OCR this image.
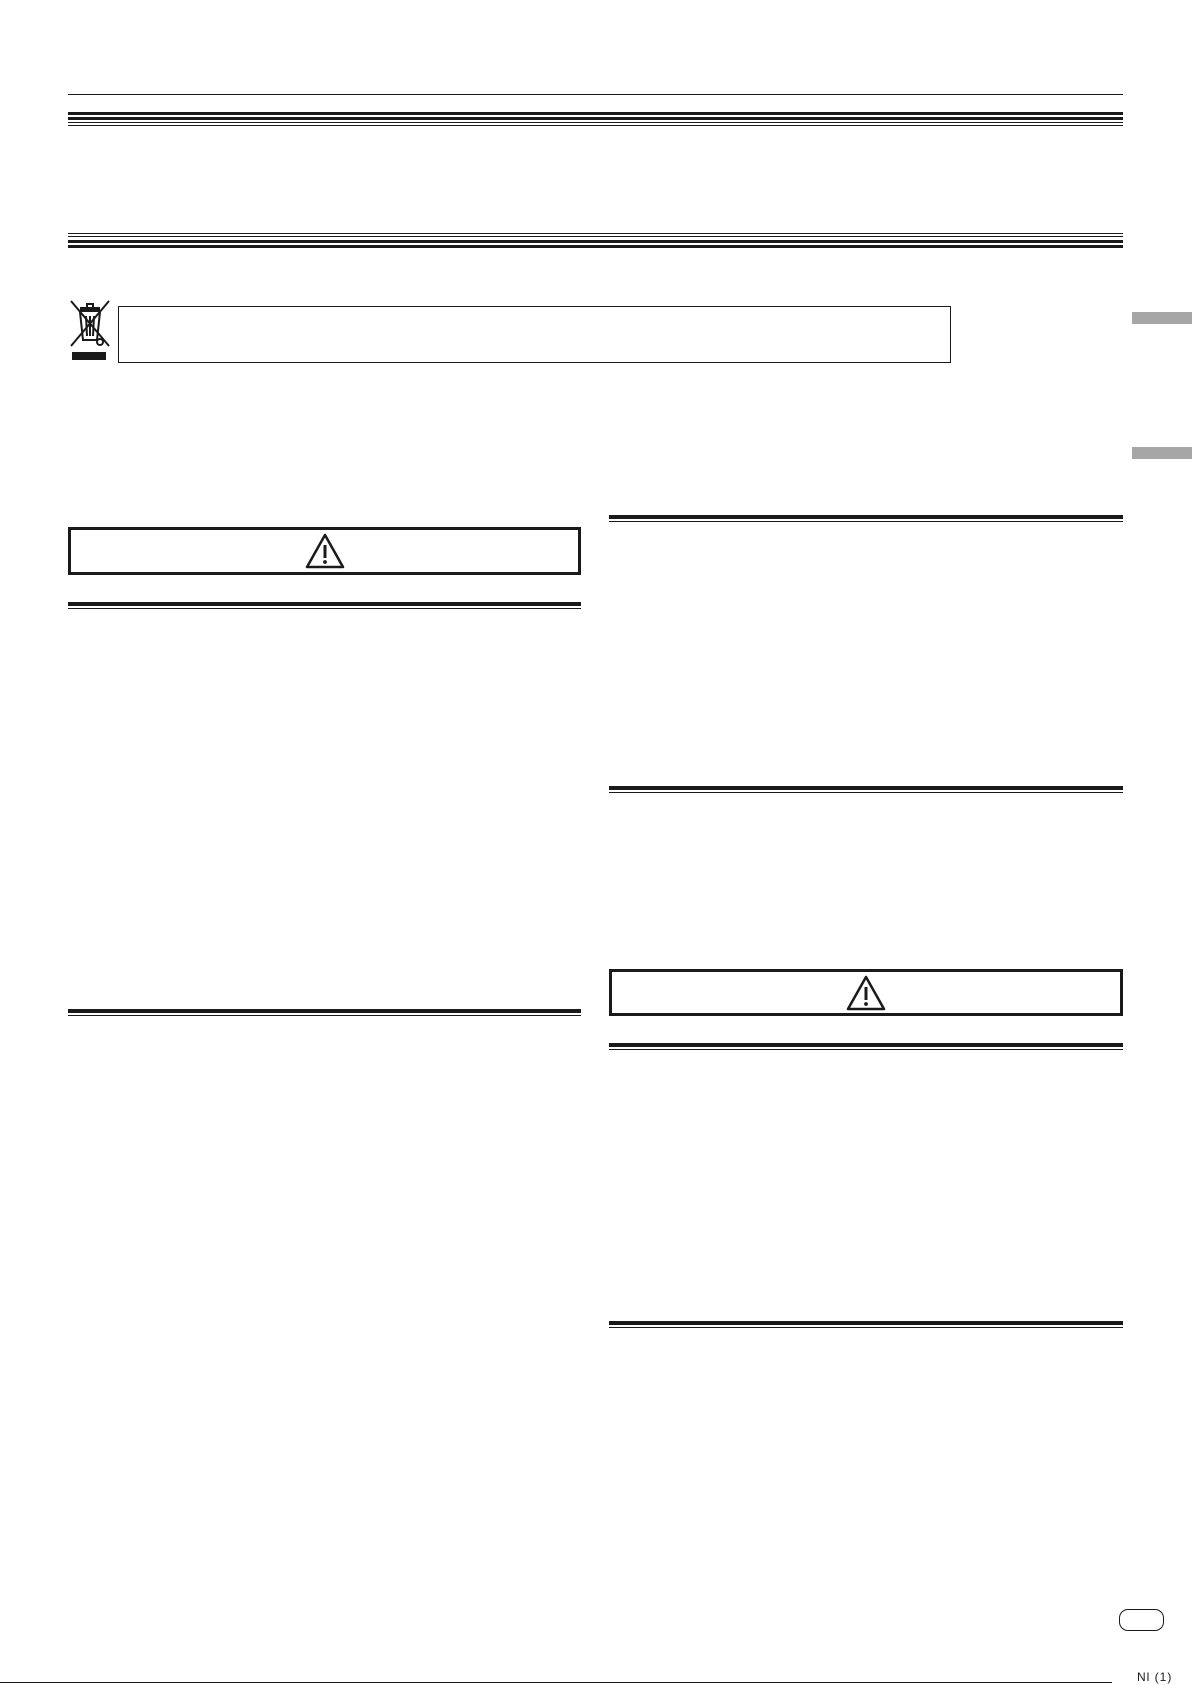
Nl (1)
